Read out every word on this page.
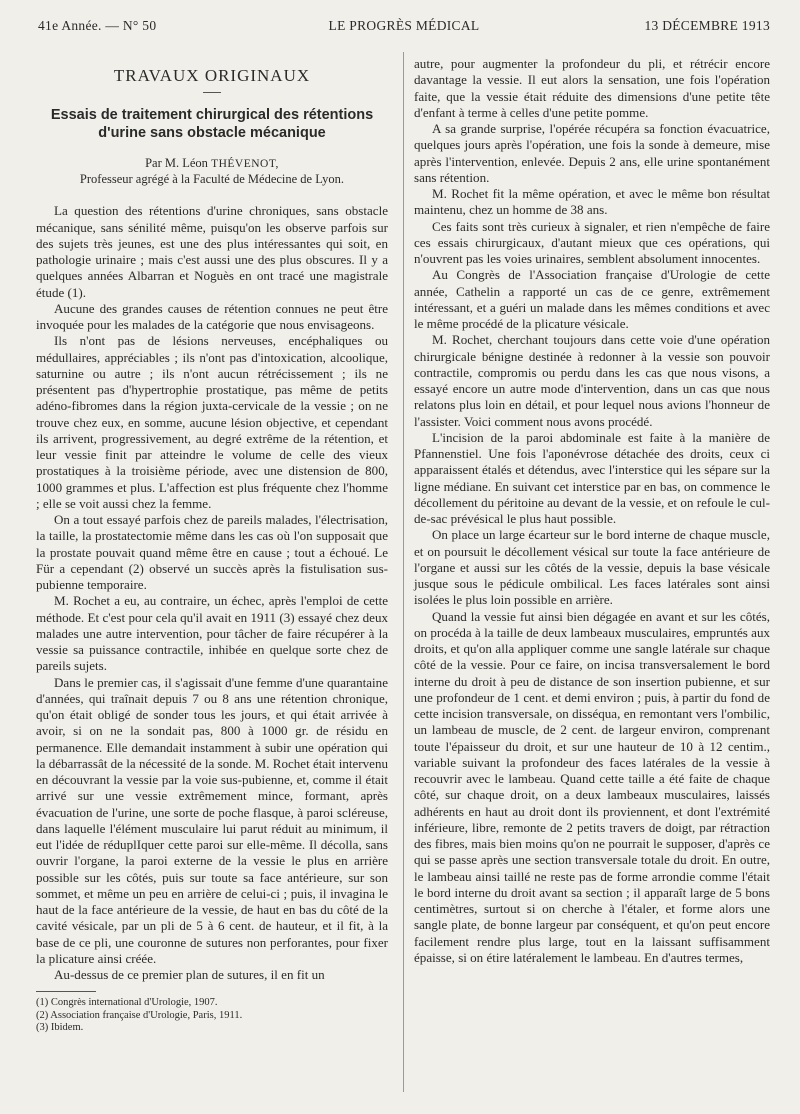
41e Année. — N° 50	LE PROGRÈS MÉDICAL	13 DÉCEMBRE 1913
TRAVAUX ORIGINAUX
Essais de traitement chirurgical des rétentions d'urine sans obstacle mécanique
Par M. Léon THÉVENOT,
Professeur agrégé à la Faculté de Médecine de Lyon.

La question des rétentions d'urine chroniques, sans obstacle mécanique, sans sénilité même, puisqu'on les observe parfois sur des sujets très jeunes, est une des plus intéressantes qui soit, en pathologie urinaire ; mais c'est aussi une des plus obscures. Il y a quelques années Albarran et Noguès en ont tracé une magistrale étude (1).

Aucune des grandes causes de rétention connues ne peut être invoquée pour les malades de la catégorie que nous envisageons.

Ils n'ont pas de lésions nerveuses, encéphaliques ou médullaires, appréciables ; ils n'ont pas d'intoxication, alcoolique, saturnine ou autre ; ils n'ont aucun rétrécissement ; ils ne présentent pas d'hypertrophie prostatique, pas même de petits adéno-fibromes dans la région juxta-cervicale de la vessie ; on ne trouve chez eux, en somme, aucune lésion objective, et cependant ils arrivent, progressivement, au degré extrême de la rétention, et leur vessie finit par atteindre le volume de celle des vieux prostatiques à la troisième période, avec une distension de 800, 1000 grammes et plus. L'affection est plus fréquente chez l'homme ; elle se voit aussi chez la femme.

On a tout essayé parfois chez de pareils malades, l'électrisation, la taille, la prostatectomie même dans les cas où l'on supposait que la prostate pouvait quand même être en cause ; tout a échoué. Le Für a cependant (2) observé un succès après la fistulisation sus-pubienne temporaire.

M. Rochet a eu, au contraire, un échec, après l'emploi de cette méthode. Et c'est pour cela qu'il avait en 1911 (3) essayé chez deux malades une autre intervention, pour tâcher de faire récupérer à la vessie sa puissance contractile, inhibée en quelque sorte chez de pareils sujets.

Dans le premier cas, il s'agissait d'une femme d'une quarantaine d'années, qui traînait depuis 7 ou 8 ans une rétention chronique, qu'on était obligé de sonder tous les jours, et qui était arrivée à avoir, si on ne la sondait pas, 800 à 1000 gr. de résidu en permanence. Elle demandait instamment à subir une opération qui la débarrassât de la nécessité de la sonde. M. Rochet était intervenu en découvrant la vessie par la voie sus-pubienne, et, comme il était arrivé sur une vessie extrêmement mince, formant, après évacuation de l'urine, une sorte de poche flasque, à paroi scléreuse, dans laquelle l'élément musculaire lui parut réduit au minimum, il eut l'idée de réduplIquer cette paroi sur elle-même. Il décolla, sans ouvrir l'organe, la paroi externe de la vessie le plus en arrière possible sur les côtés, puis sur toute sa face antérieure, sur son sommet, et même un peu en arrière de celui-ci ; puis, il invagina le haut de la face antérieure de la vessie, de haut en bas du côté de la cavité vésicale, par un pli de 5 à 6 cent. de hauteur, et il fit, à la base de ce pli, une couronne de sutures non perforantes, pour fixer la plicature ainsi créée.

Au-dessus de ce premier plan de sutures, il en fit un

(1) Congrès international d'Urologie, 1907.

(2) Association française d'Urologie, Paris, 1911.

(3) Ibidem.

autre, pour augmenter la profondeur du pli, et rétrécir encore davantage la vessie. Il eut alors la sensation, une fois l'opération faite, que la vessie était réduite des dimensions d'une petite tête d'enfant à terme à celles d'une petite pomme.

A sa grande surprise, l'opérée récupéra sa fonction évacuatrice, quelques jours après l'opération, une fois la sonde à demeure, mise après l'intervention, enlevée. Depuis 2 ans, elle urine spontanément sans rétention.

M. Rochet fit la même opération, et avec le même bon résultat maintenu, chez un homme de 38 ans.

Ces faits sont très curieux à signaler, et rien n'empêche de faire ces essais chirurgicaux, d'autant mieux que ces opérations, qui n'ouvrent pas les voies urinaires, semblent absolument innocentes.

Au Congrès de l'Association française d'Urologie de cette année, Cathelin a rapporté un cas de ce genre, extrêmement intéressant, et a guéri un malade dans les mêmes conditions et avec le même procédé de la plicature vésicale.

M. Rochet, cherchant toujours dans cette voie d'une opération chirurgicale bénigne destinée à redonner à la vessie son pouvoir contractile, compromis ou perdu dans les cas que nous visons, a essayé encore un autre mode d'intervention, dans un cas que nous relatons plus loin en détail, et pour lequel nous avions l'honneur de l'assister. Voici comment nous avons procédé.

L'incision de la paroi abdominale est faite à la manière de Pfannenstiel. Une fois l'aponévrose détachée des droits, ceux ci apparaissent étalés et détendus, avec l'interstice qui les sépare sur la ligne médiane. En suivant cet interstice par en bas, on commence le décollement du péritoine au devant de la vessie, et on refoule le cul-de-sac prévésical le plus haut possible.

On place un large écarteur sur le bord interne de chaque muscle, et on poursuit le décollement vésical sur toute la face antérieure de l'organe et aussi sur les côtés de la vessie, depuis la base vésicale jusque sous le pédicule ombilical. Les faces latérales sont ainsi isolées le plus loin possible en arrière.

Quand la vessie fut ainsi bien dégagée en avant et sur les côtés, on procéda à la taille de deux lambeaux musculaires, empruntés aux droits, et qu'on alla appliquer comme une sangle latérale sur chaque côté de la vessie. Pour ce faire, on incisa transversalement le bord interne du droit à peu de distance de son insertion pubienne, et sur une profondeur de 1 cent. et demi environ ; puis, à partir du fond de cette incision transversale, on disséqua, en remontant vers l'ombilic, un lambeau de muscle, de 2 cent. de largeur environ, comprenant toute l'épaisseur du droit, et sur une hauteur de 10 à 12 centim., variable suivant la profondeur des faces latérales de la vessie à recouvrir avec le lambeau. Quand cette taille a été faite de chaque côté, sur chaque droit, on a deux lambeaux musculaires, laissés adhérents en haut au droit dont ils proviennent, et dont l'extrémité inférieure, libre, remonte de 2 petits travers de doigt, par rétraction des fibres, mais bien moins qu'on ne pourrait le supposer, d'après ce qui se passe après une section transversale totale du droit. En outre, le lambeau ainsi taillé ne reste pas de forme arrondie comme l'était le bord interne du droit avant sa section ; il apparaît large de 5 bons centimètres, surtout si on cherche à l'étaler, et forme alors une sangle plate, de bonne largeur par conséquent, et qu'on peut encore facilement rendre plus large, tout en la laissant suffisamment épaisse, si on étire latéralement le lambeau. En d'autres termes,
